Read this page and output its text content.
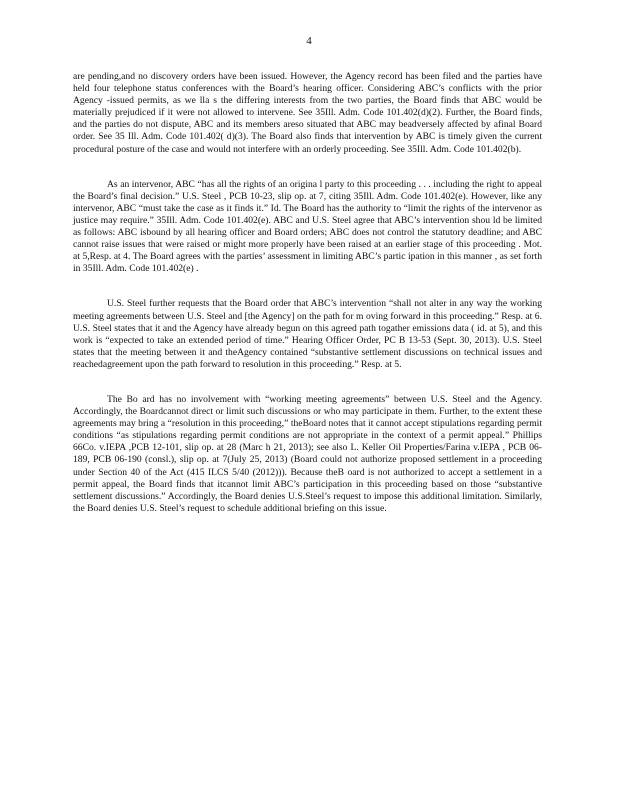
4

are pending,and no discovery orders have been issued. However, the Agency record has been filed and the parties have held four telephone status conferences with the Board’s hearing officer. Considering ABC’s conflicts with the prior Agency -issued permits, as we lla s the differing interests from the two parties, the Board finds that ABC would be materially prejudiced if it were not allowed to intervene. See 35Ill. Adm. Code 101.402(d)(2). Further, the Board finds, and the parties do not dispute, ABC and its members areso situated that ABC may beadversely affected by afinal Board order. See 35 Ill. Adm. Code 101.402( d)(3). The Board also finds that intervention by ABC is timely given the current procedural posture of the case and would not interfere with an orderly proceeding. See 35Ill. Adm. Code 101.402(b).

As an intervenor, ABC “has all the rights of an origina l party to this proceeding . . . including the right to appeal the Board’s final decision.” U.S. Steel , PCB 10-23, slip op. at 7, citing 35Ill. Adm. Code 101.402(e). However, like any intervenor, ABC “must take the case as it finds it.” Id. The Board has the authority to “limit the rights of the intervenor as justice may require.” 35Ill. Adm. Code 101.402(e). ABC and U.S. Steel agree that ABC’s intervention shou ld be limited as follows: ABC isbound by all hearing officer and Board orders; ABC does not control the statutory deadline; and ABC cannot raise issues that were raised or might more properly have been raised at an earlier stage of this proceeding . Mot. at 5,Resp. at 4. The Board agrees with the parties’ assessment in limiting ABC’s partic ipation in this manner , as set forth in 35Ill. Adm. Code 101.402(e) .

U.S. Steel further requests that the Board order that ABC’s intervention “shall not alter in any way the working meeting agreements between U.S. Steel and [the Agency] on the path for m oving forward in this proceeding.” Resp. at 6. U.S. Steel states that it and the Agency have already begun on this agreed path togather emissions data ( id. at 5), and this work is “expected to take an extended period of time.” Hearing Officer Order, PC B 13-53 (Sept. 30, 2013). U.S. Steel states that the meeting between it and theAgency contained “substantive settlement discussions on technical issues and reachedagreement upon the path forward to resolution in this proceeding.” Resp. at 5.

The Bo ard has no involvement with “working meeting agreements” between U.S. Steel and the Agency. Accordingly, the Boardcannot direct or limit such discussions or who may participate in them. Further, to the extent these agreements may bring a “resolution in this proceeding,” theBoard notes that it cannot accept stipulations regarding permit conditions “as stipulations regarding permit conditions are not appropriate in the context of a permit appeal.” Phillips 66Co. v.IEPA ,PCB 12-101, slip op. at 28 (Marc h 21, 2013); see also L. Keller Oil Properties/Farina v.IEPA , PCB 06-189, PCB 06-190 (consl.), slip op. at 7(July 25, 2013) (Board could not authorize proposed settlement in a proceeding under Section 40 of the Act (415 ILCS 5/40 (2012))). Because theB oard is not authorized to accept a settlement in a permit appeal, the Board finds that itcannot limit ABC’s participation in this proceeding based on those “substantive settlement discussions.” Accordingly, the Board denies U.S.Steel’s request to impose this additional limitation. Similarly, the Board denies U.S. Steel’s request to schedule additional briefing on this issue.
